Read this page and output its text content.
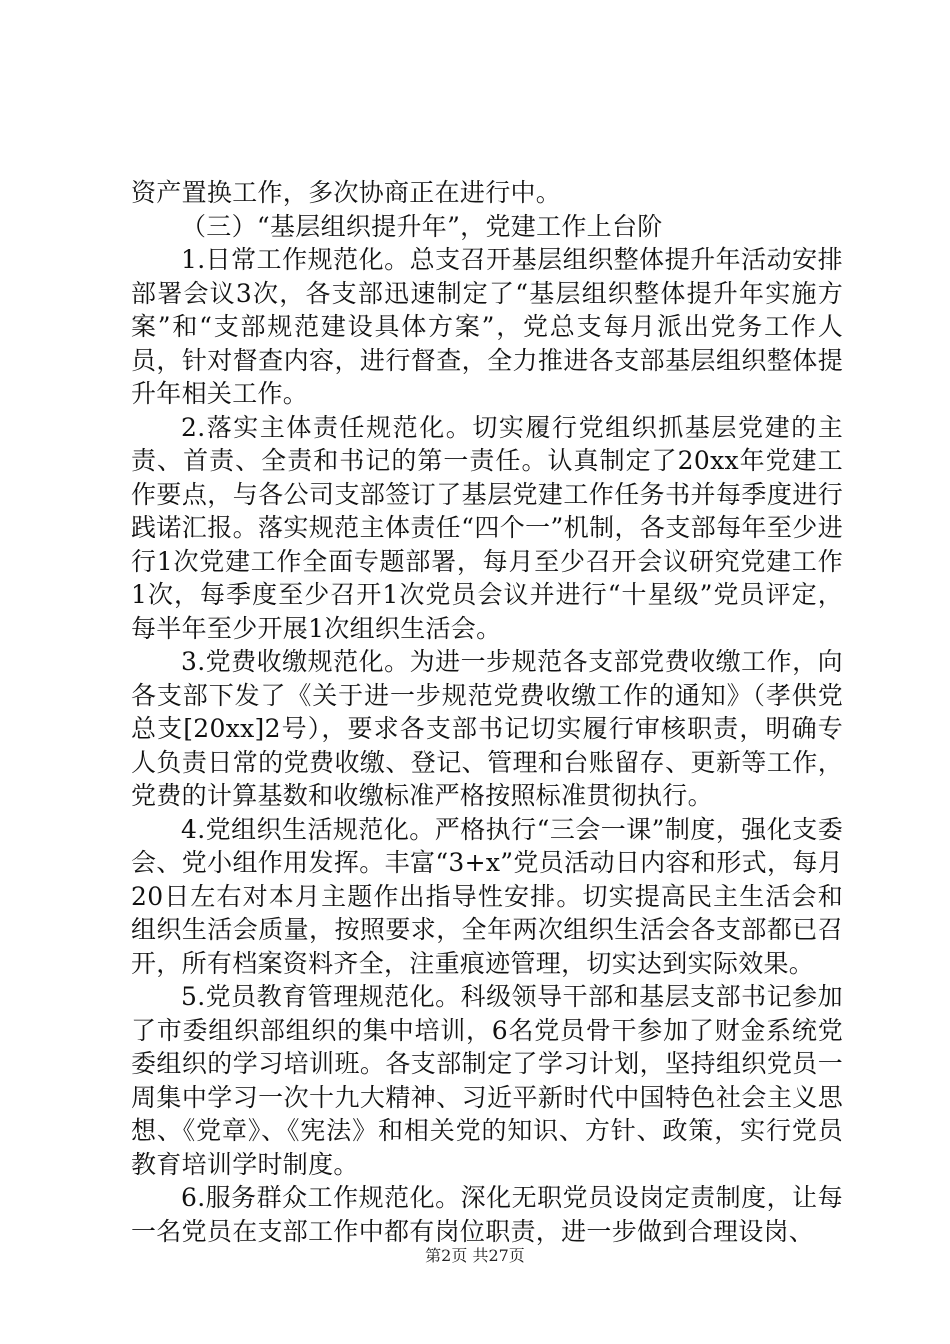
资产置换工作，多次协商正在进行中。

（三）“基层组织提升年”，党建工作上台阶

1.日常工作规范化。总支召开基层组织整体提升年活动安排部署会议3次，各支部迅速制定了“基层组织整体提升年实施方案”和“支部规范建设具体方案”，党总支每月派出党务工作人员，针对督查内容，进行督查，全力推进各支部基层组织整体提升年相关工作。

2.落实主体责任规范化。切实履行党组织抓基层党建的主责、首责、全责和书记的第一责任。认真制定了20xx年党建工作要点，与各公司支部签订了基层党建工作任务书并每季度进行践诺汇报。落实规范主体责任“四个一”机制，各支部每年至少进行1次党建工作全面专题部署，每月至少召开会议研究党建工作1次，每季度至少召开1次党员会议并进行“十星级”党员评定，每半年至少开展1次组织生活会。

3.党费收缴规范化。为进一步规范各支部党费收缴工作，向各支部下发了《关于进一步规范党费收缴工作的通知》（孝供党总支[20xx]2号），要求各支部书记切实履行审核职责，明确专人负责日常的党费收缴、登记、管理和台账留存、更新等工作，党费的计算基数和收缴标准严格按照标准贯彻执行。

4.党组织生活规范化。严格执行“三会一课”制度，强化支委会、党小组作用发挥。丰富“3+x”党员活动日内容和形式，每月20日左右对本月主题作出指导性安排。切实提高民主生活会和组织生活会质量，按照要求，全年两次组织生活会各支部都已召开，所有档案资料齐全，注重痕迹管理，切实达到实际效果。

5.党员教育管理规范化。科级领导干部和基层支部书记参加了市委组织部组织的集中培训，6名党员骨干参加了财金系统党委组织的学习培训班。各支部制定了学习计划，坚持组织党员一周集中学习一次十九大精神、习近平新时代中国特色社会主义思想、《党章》、《宪法》和相关党的知识、方针、政策，实行党员教育培训学时制度。

6.服务群众工作规范化。深化无职党员设岗定责制度，让每一名党员在支部工作中都有岗位职责，进一步做到合理设岗、

第2页 共27页
